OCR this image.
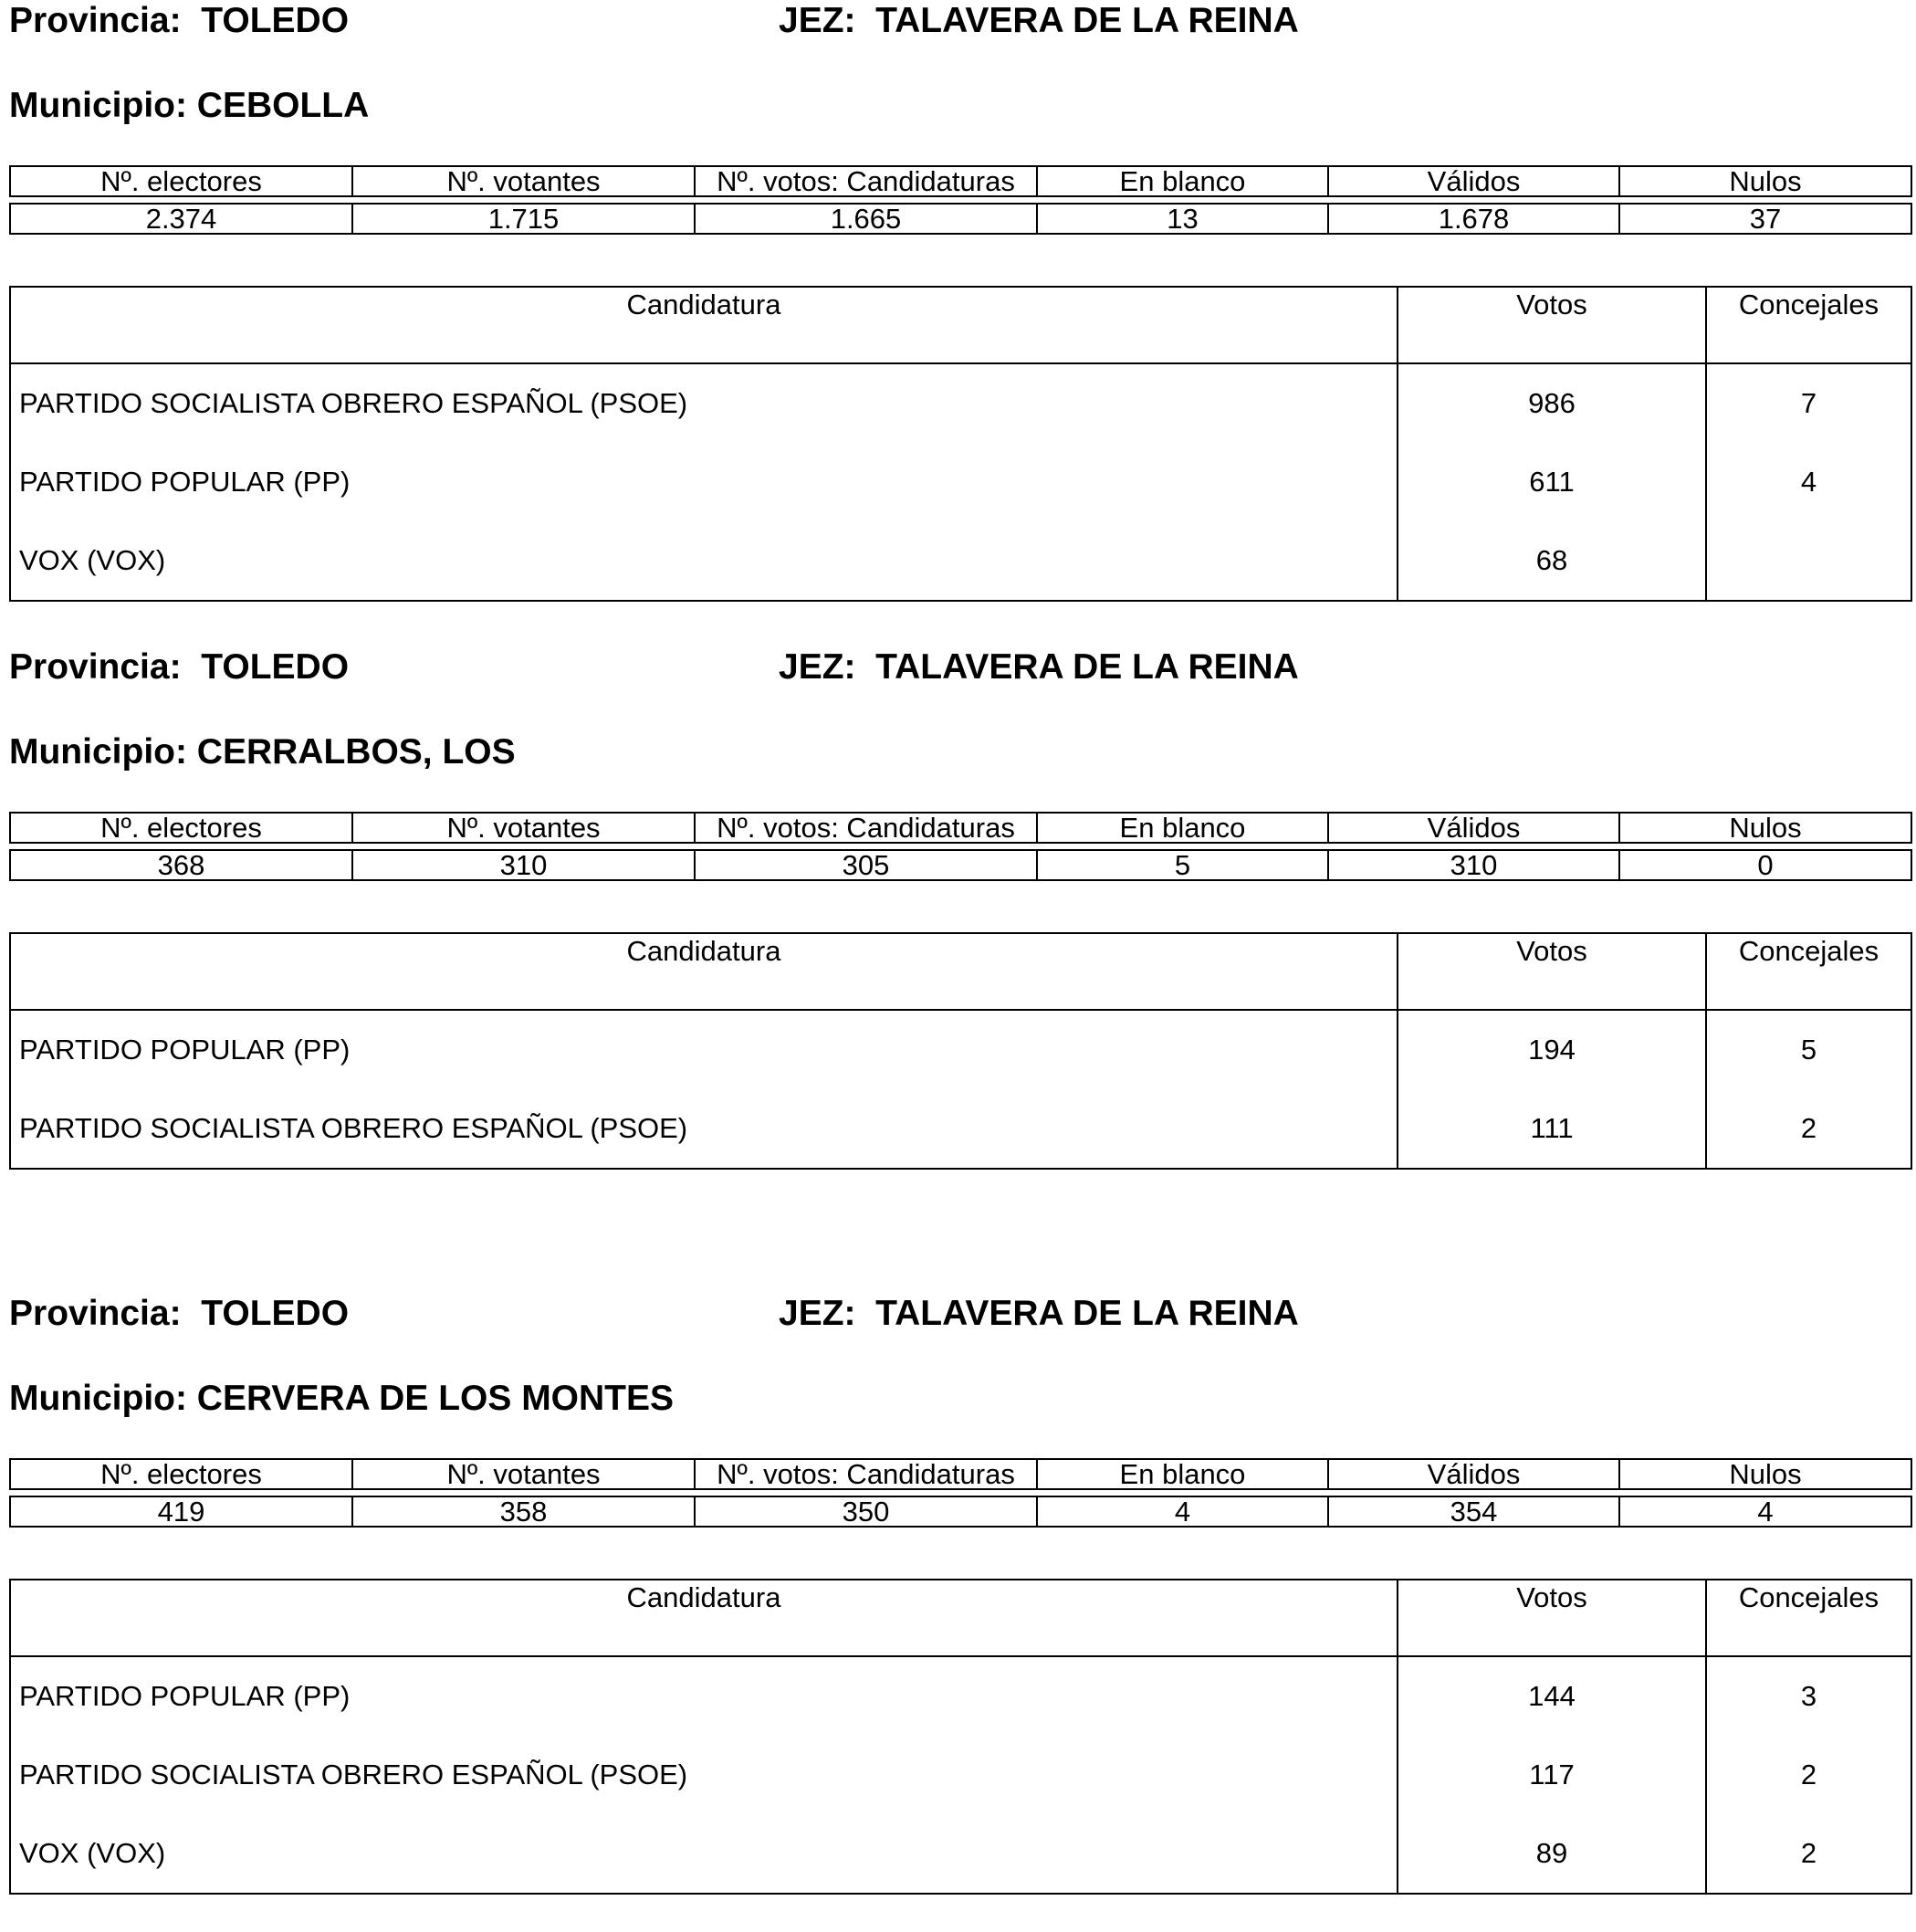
Provincia:  TOLEDO	JEZ:  TALAVERA DE LA REINA
Municipio: CEBOLLA
Nº. electores	Nº. votantes	Nº. votos: Candidaturas	En blanco	Válidos	Nulos

2.374	1.715	1.665	13	1.678	37
Candidatura	Votos	Concejales
PARTIDO SOCIALISTA OBRERO ESPAÑOL (PSOE)	986	7
PARTIDO POPULAR (PP)	611	4
VOX (VOX)	68	
Provincia:  TOLEDO	JEZ:  TALAVERA DE LA REINA
Municipio: CERRALBOS, LOS
Nº. electores	Nº. votantes	Nº. votos: Candidaturas	En blanco	Válidos	Nulos

368	310	305	5	310	0
Candidatura	Votos	Concejales
PARTIDO POPULAR (PP)	194	5
PARTIDO SOCIALISTA OBRERO ESPAÑOL (PSOE)	111	2
Provincia:  TOLEDO	JEZ:  TALAVERA DE LA REINA
Municipio: CERVERA DE LOS MONTES
Nº. electores	Nº. votantes	Nº. votos: Candidaturas	En blanco	Válidos	Nulos

419	358	350	4	354	4
Candidatura	Votos	Concejales
PARTIDO POPULAR (PP)	144	3
PARTIDO SOCIALISTA OBRERO ESPAÑOL (PSOE)	117	2
VOX (VOX)	89	2
